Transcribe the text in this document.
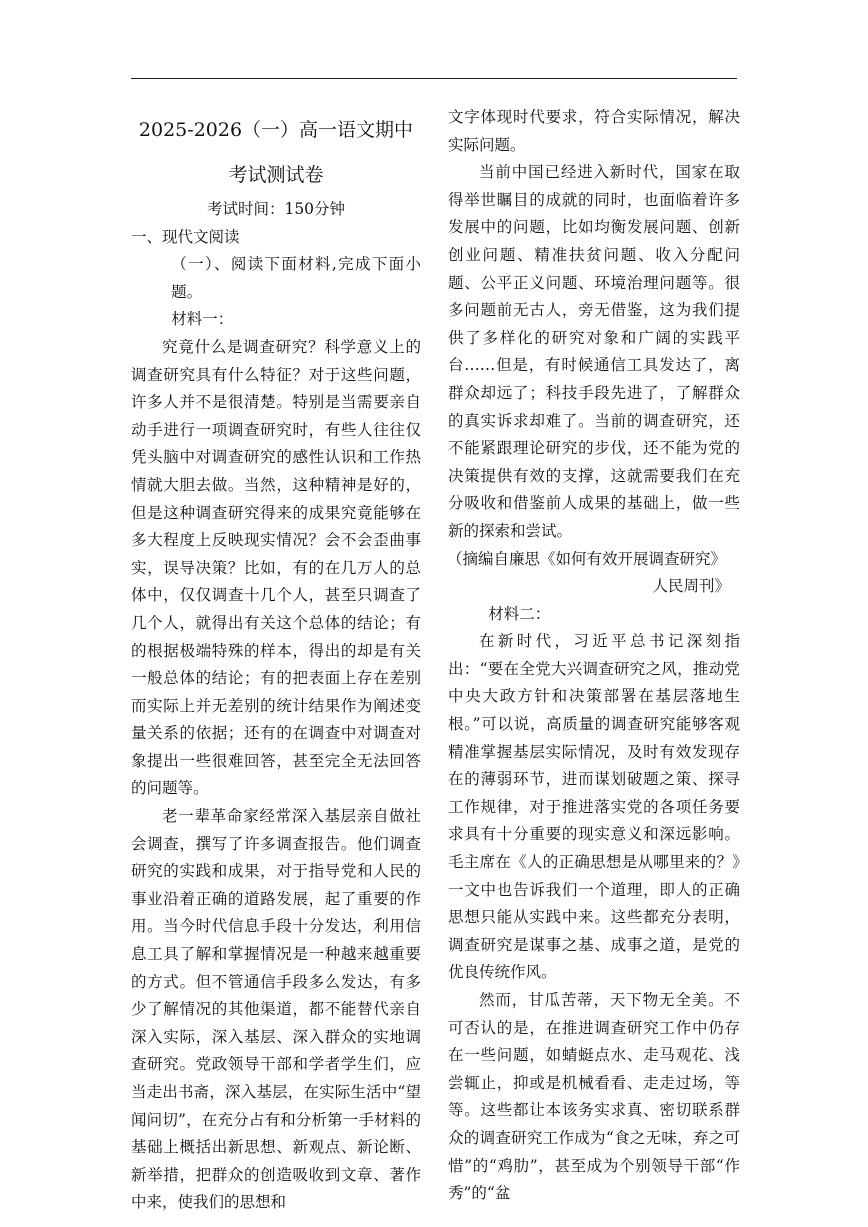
2025-2026（一）高一语文期中
考试测试卷

考试时间：150分钟

一、现代文阅读

（一）、阅读下面材料,完成下面小题。

材料一：

究竟什么是调查研究？科学意义上的调查研究具有什么特征？对于这些问题，许多人并不是很清楚。特别是当需要亲自动手进行一项调查研究时，有些人往往仅凭头脑中对调查研究的感性认识和工作热情就大胆去做。当然，这种精神是好的，但是这种调查研究得来的成果究竟能够在多大程度上反映现实情况？会不会歪曲事实，误导决策？比如，有的在几万人的总体中，仅仅调查十几个人，甚至只调查了几个人，就得出有关这个总体的结论；有的根据极端特殊的样本，得出的却是有关一般总体的结论；有的把表面上存在差别而实际上并无差别的统计结果作为阐述变量关系的依据；还有的在调查中对调查对象提出一些很难回答，甚至完全无法回答的问题等。

老一辈革命家经常深入基层亲自做社会调查，撰写了许多调查报告。他们调查研究的实践和成果，对于指导党和人民的事业沿着正确的道路发展，起了重要的作用。当今时代信息手段十分发达，利用信息工具了解和掌握情况是一种越来越重要的方式。但不管通信手段多么发达，有多少了解情况的其他渠道，都不能替代亲自深入实际，深入基层、深入群众的实地调查研究。党政领导干部和学者学生们，应当走出书斋，深入基层，在实际生活中“望闻问切”，在充分占有和分析第一手材料的基础上概括出新思想、新观点、新论断、新举措，把群众的创造吸收到文章、著作中来，使我们的思想和

文字体现时代要求，符合实际情况，解决实际问题。

当前中国已经进入新时代，国家在取得举世瞩目的成就的同时，也面临着许多发展中的问题，比如均衡发展问题、创新创业问题、精准扶贫问题、收入分配问题、公平正义问题、环境治理问题等。很多问题前无古人，旁无借鉴，这为我们提供了多样化的研究对象和广阔的实践平台……但是，有时候通信工具发达了，离群众却远了；科技手段先进了，了解群众的真实诉求却难了。当前的调查研究，还不能紧跟理论研究的步伐，还不能为党的决策提供有效的支撑，这就需要我们在充分吸收和借鉴前人成果的基础上，做一些新的探索和尝试。

（摘编自廉思《如何有效开展调查研究》

人民周刊》

材料二：

在新时代，习近平总书记深刻指出：“要在全党大兴调查研究之风，推动党中央大政方针和决策部署在基层落地生根。”可以说，高质量的调查研究能够客观精准掌握基层实际情况，及时有效发现存在的薄弱环节，进而谋划破题之策、探寻工作规律，对于推进落实党的各项任务要求具有十分重要的现实意义和深远影响。毛主席在《人的正确思想是从哪里来的？》一文中也告诉我们一个道理，即人的正确思想只能从实践中来。这些都充分表明，调查研究是谋事之基、成事之道，是党的优良传统作风。

然而，甘瓜苦蒂，天下物无全美。不可否认的是，在推进调查研究工作中仍存在一些问题，如蜻蜓点水、走马观花、浅尝辄止，抑或是机械看看、走走过场，等等。这些都让本该务实求真、密切联系群众的调查研究工作成为“食之无味，弃之可惜”的“鸡肋”，甚至成为个别领导干部“作秀”的“盆
